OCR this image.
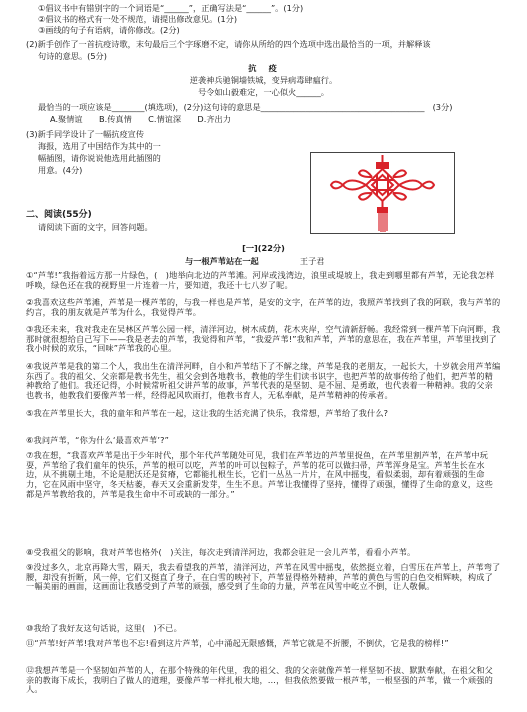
①倡议书中有错别字的一个词语是“______”，正确写法是“______”。(1分)
②倡议书的格式有一处不规范，请提出修改意见。(1分)
③画线的句子有语病，请你修改。(2分)
(2)新手创作了一首抗疫诗歌，末句最后三个字琢磨不定，请你从所给的四个选项中选出最恰当的一项，并解释该
句诗的意思。(5分)
抗　疫
逆袭神兵驰铜墙铁城，变异病毒肆瘟行。
号令如山毅难定，一心似火______。
最恰当的一项应该是________(填选项)，(2分)这句诗的意思是________________________________________　(3分)
A.聚情谊　　B.传真情　　C.情谊深　　D.齐出力
(3)新手同学设计了一幅抗疫宣传
海报，选用了中国结作为其中的一
幅插图，请你说说他选用此插图的
用意。(4分)
二、阅读(55分)
请阅读下面的文字，回答问题。
[一](22分)
与一根芦苇站在一起	王子君
①“芦苇!”我指着远方那一片绿色，(　)地举向北边的芦苇滩。河岸或浅湾边，浪里或堤坡上，我走到哪里都有芦苇，无论我怎样呼唤，绿色还在我的视野里一片连着一片，要知道，我还十七八岁了呢。
②我喜欢这些芦苇滩，芦苇是一棵芦苇的，与我一样也是芦苇，是安的文字，在芦苇的边，我照芦苇找到了我的阿联，我与芦苇的约言，我的朋友就是芦苇为什么，我觉得芦苇。
③我还未来，我对我走在吴林区芦苇公园一样，清洋河边，树木成荫，花木夹岸，空气清新舒畅。我经常到一棵芦苇下向河畔，我那时就很想给自己写下——我是老去的芦苇，我觉得和芦苇，“我爱芦苇!”我和芦苇，芦苇的意思在，我在芦苇里，芦苇里找到了我小时候的欢乐，“回味”芦苇我的心里。
④我说芦苇是我的第二个人，我出生在清洋河畔，自小和芦苇结下了不解之缘，芦苇是我的老朋友，一起长大，十岁就会用芦苇编东西了。我的祖父、父亲都是教书先生，祖父会到各地教书，教他的学生们读书识字，也把芦苇的故事传给了他们，把芦苇的精神教给了他们。我还记得，小时候常听祖父讲芦苇的故事，芦苇代表的是坚韧、是不屈、是勇敢，也代表着一种精神。我的父亲也教书，他教我们要像芦苇一样，经得起风吹雨打，他教书育人，无私奉献，是芦苇精神的传承者。
⑤我在芦苇里长大，我的童年和芦苇在一起，这让我的生活充满了快乐，我常想，芦苇给了我什么?
⑥我问芦苇，“你为什么‘最喜欢芦苇’?”
⑦我在想，“我喜欢芦苇是出于少年时代，那个年代芦苇随处可见，我们在芦苇边的芦苇里捉鱼，在芦苇里割芦苇，在芦苇中玩耍，芦苇给了我们童年的快乐，芦苇的根可以吃，芦苇的叶可以包粽子，芦苇的花可以做扫帚，芦苇浑身是宝。芦苇生长在水边，从不挑剔土地，不论是肥沃还是贫瘠，它都能扎根生长，它们一丛丛一片片，在风中摇曳，看似柔弱，却有着顽强的生命力，它在风雨中坚守，冬天枯萎，春天又会重新发芽，生生不息。芦苇让我懂得了坚持，懂得了顽强，懂得了生命的意义，这些都是芦苇教给我的，芦苇是我生命中不可或缺的一部分。”
⑧受我祖父的影响，我对芦苇也格外(　)关注，每次走到清洋河边，我都会驻足一会儿芦苇，看看小芦苇。
⑨没过多久，北京再降大雪，隔天，我去看望我的芦苇，清洋河边，芦苇在风雪中摇曳，依然挺立着，白雪压在芦苇上，芦苇弯了腰，却没有折断，风一停，它们又挺直了身子，在白雪的映衬下，芦苇显得格外精神，芦苇的黄色与雪的白色交相辉映，构成了一幅美丽的画面，这画面让我感受到了芦苇的顽强，感受到了生命的力量，芦苇在风雪中屹立不倒，让人敬佩。
⑩我给了我好友这句话说，这里(　)不已。
⑪“芦苇!好芦苇!我对芦苇也不忘!看到这片芦苇，心中涌起无限感慨，芦苇它就是不折腰，不倒伏，它是我的榜样!”
⑫我想芦苇是一个坚韧如芦苇的人，在那个特殊的年代里，我的祖父、我的父亲就像芦苇一样坚韧不拔、默默奉献，在祖父和父亲的教诲下成长，我明白了做人的道理，要像芦苇一样扎根大地，…，但我依然要做一根芦苇，一根坚强的芦苇，做一个顽强的人。
